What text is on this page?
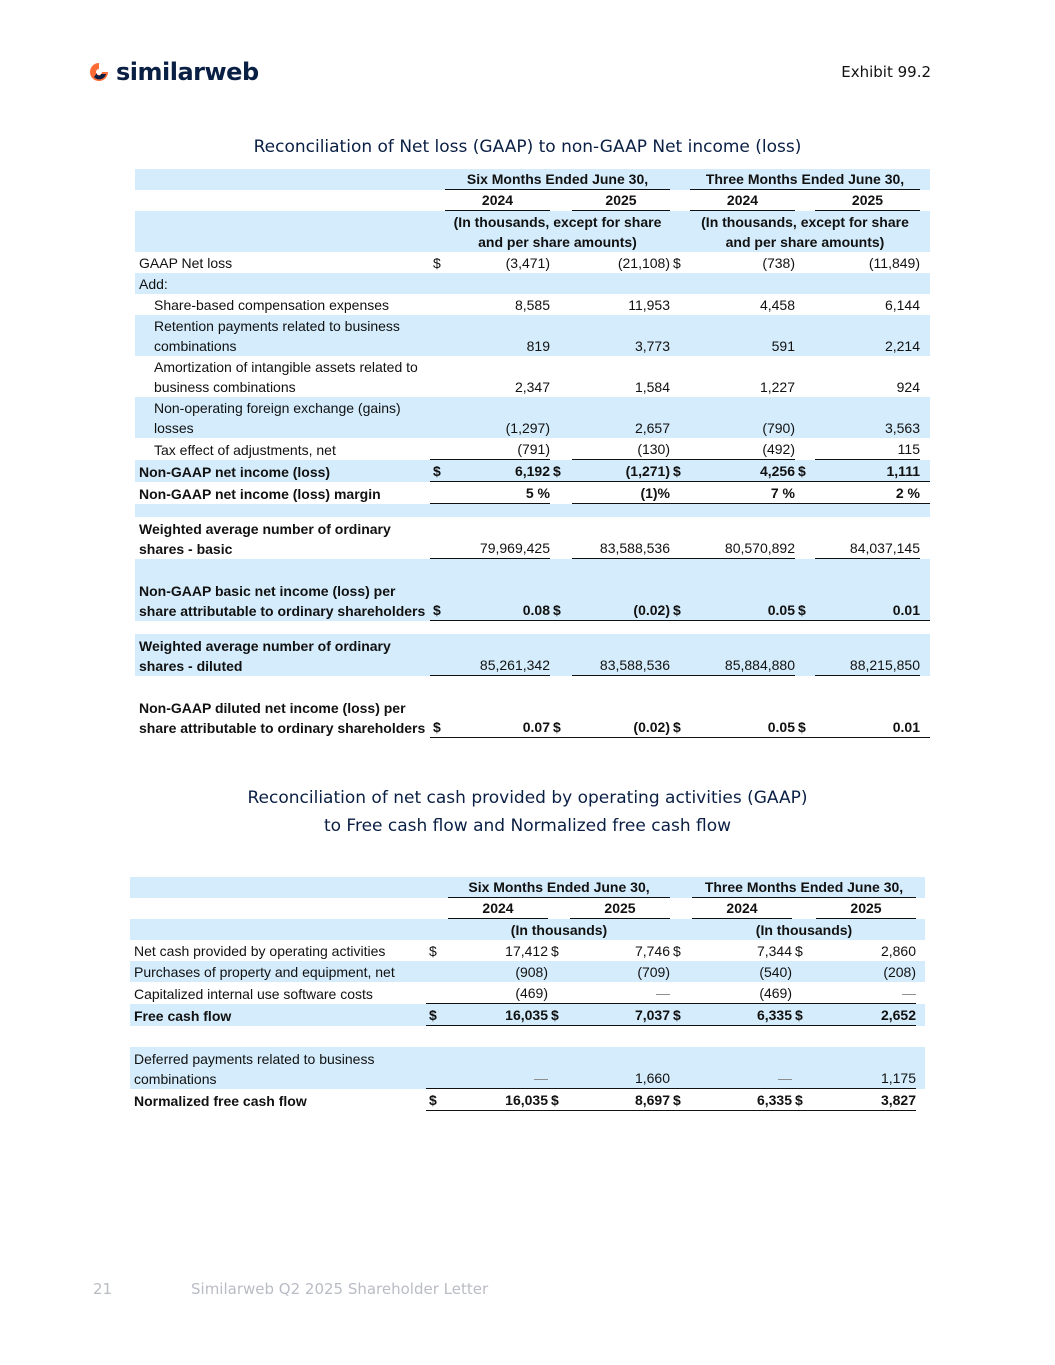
similarweb	Exhibit 99.2
Reconciliation of Net loss (GAAP) to non-GAAP Net income (loss)

		Six Months Ended June 30,				Three Months Ended June 30,			

		2024		2025		2024		2025	

		(In thousands, except for share and per share amounts)				(In thousands, except for share and per share amounts)			
GAAP Net loss	$	(3,471)		(21,108)	$	(738)		(11,849)	
Add:									
Share-based compensation expenses		8,585		11,953		4,458		6,144	
Retention payments related to business combinations		819		3,773		591		2,214	
Amortization of intangible assets related to business combinations		2,347		1,584		1,227		924	
Non-operating foreign exchange (gains) losses		(1,297)		2,657		(790)		3,563	
Tax effect of adjustments, net		(791)		(130)		(492)		115	
Non-GAAP net income (loss)	$	6,192	$	(1,271)	$	4,256	$	1,111	
Non-GAAP net income (loss) margin		5 %		(1)%		7 %		2 %	

Weighted average number of ordinary shares - basic		79,969,425		83,588,536		80,570,892		84,037,145	
Non-GAAP basic net income (loss) per share attributable to ordinary shareholders	$	0.08	$	(0.02)	$	0.05	$	0.01	

Weighted average number of ordinary shares - diluted		85,261,342		83,588,536		85,884,880		88,215,850	
Non-GAAP diluted net income (loss) per share attributable to ordinary shareholders	$	0.07	$	(0.02)	$	0.05	$	0.01	
Reconciliation of net cash provided by operating activities (GAAP)
to Free cash flow and Normalized free cash flow

		Six Months Ended June 30,				Three Months Ended June 30,			

		2024		2025		2024		2025	

		(In thousands)				(In thousands)			
Net cash provided by operating activities	$	17,412	$	7,746	$	7,344	$	2,860	
Purchases of property and equipment, net		(908)		(709)		(540)		(208)	
Capitalized internal use software costs		(469)		—		(469)		—	
Free cash flow	$	16,035	$	7,037	$	6,335	$	2,652	

Deferred payments related to business combinations		—		1,660		—		1,175	
Normalized free cash flow	$	16,035	$	8,697	$	6,335	$	3,827	
21	Similarweb Q2 2025 Shareholder Letter
